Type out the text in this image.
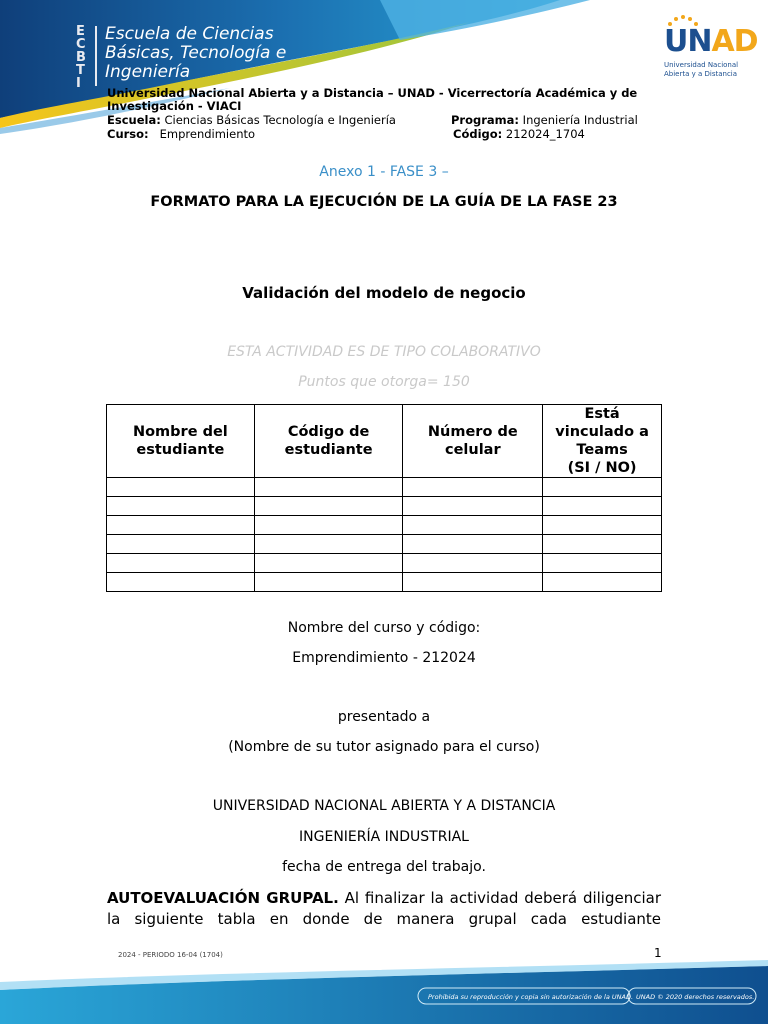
E
C
B
T
I
Escuela de Ciencias
Básicas, Tecnología e
Ingeniería
UNAD
Universidad Nacional
Abierta y a Distancia
Universidad Nacional Abierta y a Distancia – UNAD - Vicerrectoría Académica y de
Investigación - VIACI
Escuela: Ciencias Básicas Tecnología e Ingeniería	Programa: Ingeniería Industrial
Curso: Emprendimiento	Código: 212024_1704
Anexo 1 - FASE 3 –
FORMATO PARA LA EJECUCIÓN DE LA GUÍA DE LA FASE 23
Validación del modelo de negocio
ESTA ACTIVIDAD ES DE TIPO COLABORATIVO
Puntos que otorga= 150
Nombre del
estudiante	Código de
estudiante	Número de
celular	Está
vinculado a
Teams
(SI / NO)

Nombre del curso y código:
Emprendimiento - 212024
presentado a
(Nombre de su tutor asignado para el curso)
UNIVERSIDAD NACIONAL ABIERTA Y A DISTANCIA
INGENIERÍA INDUSTRIAL
fecha de entrega del trabajo.
AUTOEVALUACIÓN GRUPAL. Al finalizar la actividad deberá diligenciar
la siguiente tabla en donde de manera grupal cada estudiante
2024 - PERIODO 16-04 (1704)	1
Prohibida su reproducción y copia sin autorización de la UNAD. UNAD © 2020 derechos reservados.
